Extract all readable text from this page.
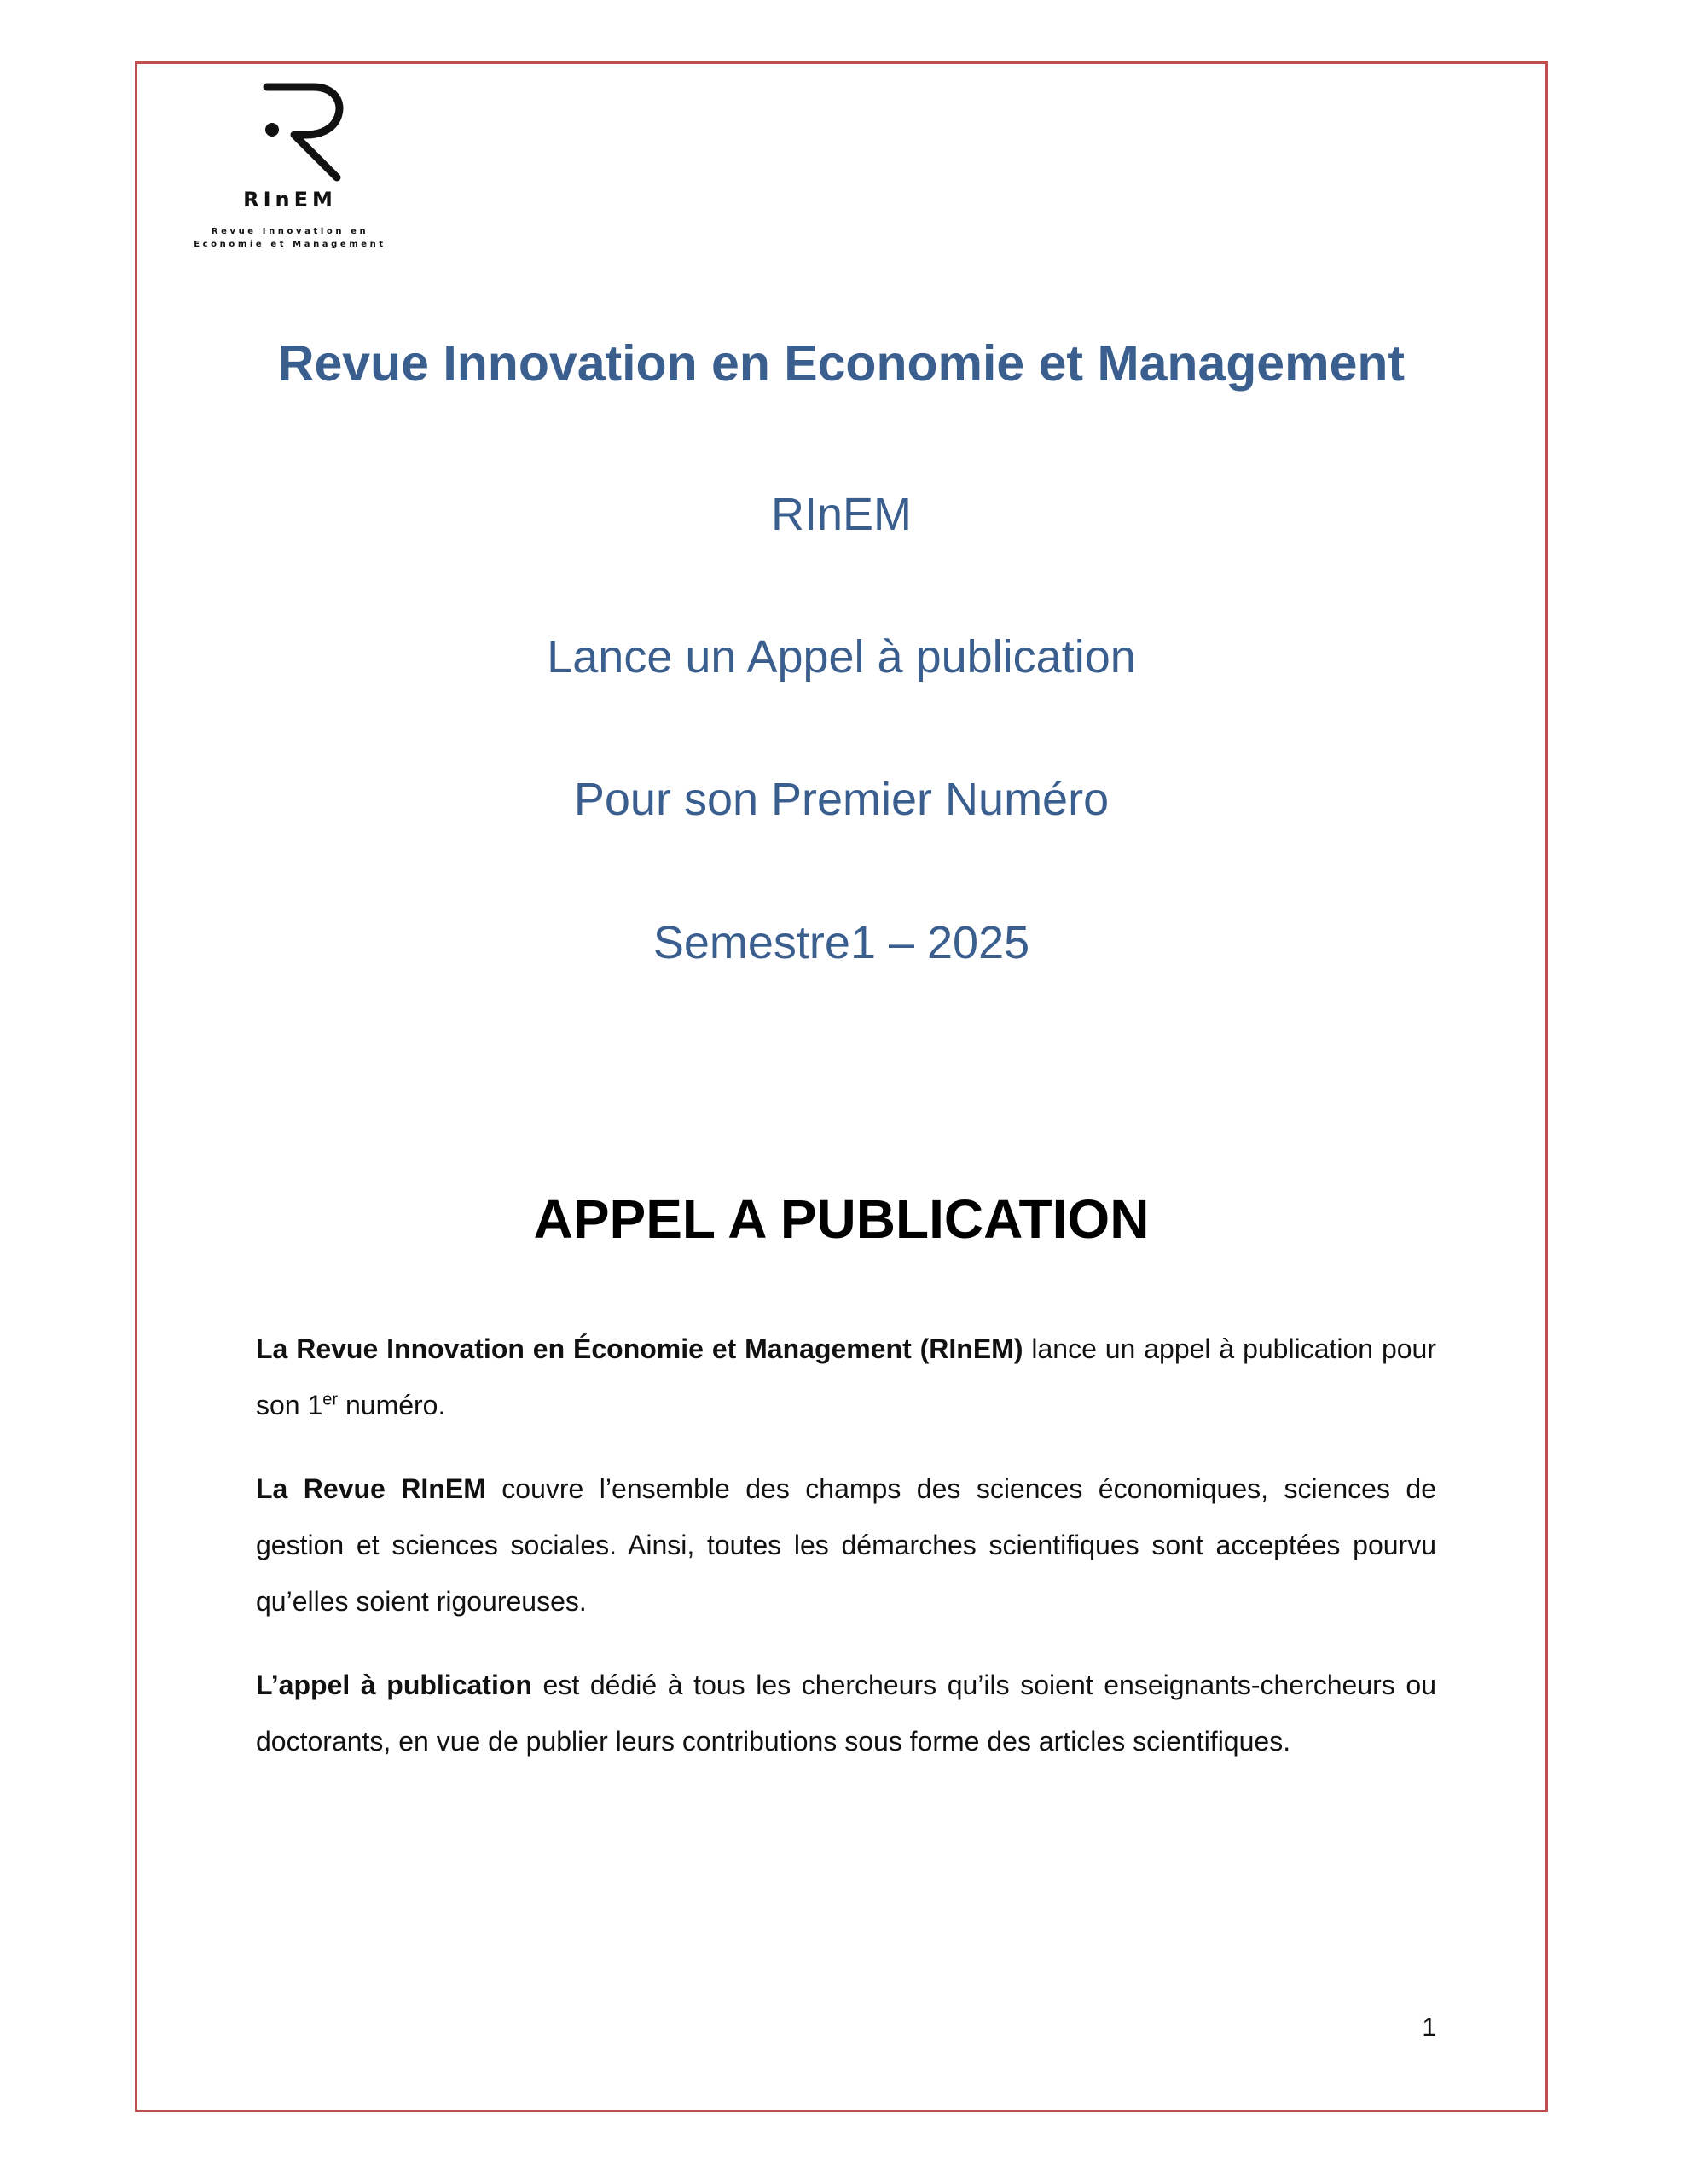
RInEM
Revue Innovation en
Economie et Management
Revue Innovation en Economie et Management
RInEM
Lance un Appel à publication
Pour son Premier Numéro
Semestre1 – 2025
APPEL A PUBLICATION

La Revue Innovation en Économie et Management (RInEM) lance un appel à publication pour son 1er numéro.

La Revue RInEM couvre l’ensemble des champs des sciences économiques, sciences de gestion et sciences sociales. Ainsi, toutes les démarches scientifiques sont acceptées pourvu qu’elles soient rigoureuses.

L’appel à publication est dédié à tous les chercheurs qu’ils soient enseignants-chercheurs ou doctorants, en vue de publier leurs contributions sous forme des articles scientifiques.

1
